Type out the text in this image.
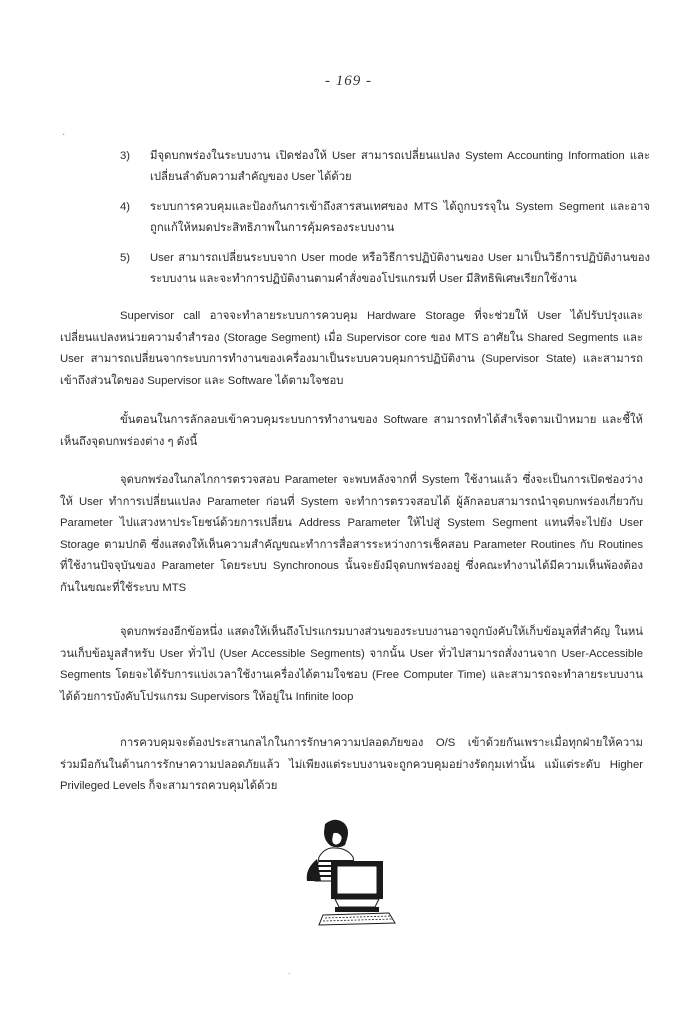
- 169 -
ˏ
3) มีจุดบกพร่องในระบบงาน เปิดช่องให้ User สามารถเปลี่ยนแปลง System Accounting Information และเปลี่ยนลำดับความสำคัญของ User ได้ด้วย
4) ระบบการควบคุมและป้องกันการเข้าถึงสารสนเทศของ MTS ได้ถูกบรรจุใน System Segment และอาจถูกแก้ให้หมดประสิทธิภาพในการคุ้มครองระบบงาน
5) User สามารถเปลี่ยนระบบจาก User mode หรือวิธีการปฏิบัติงานของ User มาเป็นวิธีการปฏิบัติงานของระบบงาน และจะทำการปฏิบัติงานตามคำสั่งของโปรแกรมที่ User มีสิทธิพิเศษเรียกใช้งาน

Supervisor call อาจจะทำลายระบบการควบคุม Hardware Storage ที่จะช่วยให้ User ได้ปรับปรุงและเปลี่ยนแปลงหน่วยความจำสำรอง (Storage Segment) เมื่อ Supervisor core ของ MTS อาศัยใน Shared Segments และ User สามารถเปลี่ยนจากระบบการทำงานของเครื่องมาเป็นระบบควบคุมการปฏิบัติงาน (Supervisor State) และสามารถเข้าถึงส่วนใดของ Supervisor และ Software ได้ตามใจชอบ

ขั้นตอนในการลักลอบเข้าควบคุมระบบการทำงานของ Software สามารถทำได้สำเร็จตามเป้าหมาย และชี้ให้เห็นถึงจุดบกพร่องต่าง ๆ ดังนี้

จุดบกพร่องในกลไกการตรวจสอบ Parameter จะพบหลังจากที่ System ใช้งานแล้ว ซึ่งจะเป็นการเปิดช่องว่างให้ User ทำการเปลี่ยนแปลง Parameter ก่อนที่ System จะทำการตรวจสอบได้ ผู้ลักลอบสามารถนำจุดบกพร่องเกี่ยวกับ Parameter ไปแสวงหาประโยชน์ด้วยการเปลี่ยน Address Parameter ให้ไปสู่ System Segment แทนที่จะไปยัง User Storage ตามปกติ ซึ่งแสดงให้เห็นความสำคัญขณะทำการสื่อสารระหว่างการเช็คสอบ Parameter Routines กับ Routines ที่ใช้งานปัจจุบันของ Parameter โดยระบบ Synchronous นั้นจะยังมีจุดบกพร่องอยู่ ซึ่งคณะทำงานได้มีความเห็นพ้องต้องกันในขณะที่ใช้ระบบ MTS

จุดบกพร่องอีกข้อหนึ่ง แสดงให้เห็นถึงโปรแกรมบางส่วนของระบบงานอาจถูกบังคับให้เก็บข้อมูลที่สำคัญ ในหน่วนเก็บข้อมูลสำหรับ User ทั่วไป (User Accessible Segments) จากนั้น User ทั่วไปสามารถสั่งงานจาก User-Accessible Segments โดยจะได้รับการแบ่งเวลาใช้งานเครื่องได้ตามใจชอบ (Free Computer Time) และสามารถจะทำลายระบบงานได้ด้วยการบังคับโปรแกรม Supervisors ให้อยู่ใน Infinite loop

การควบคุมจะต้องประสานกลไกในการรักษาความปลอดภัยของ O/S เข้าด้วยกันเพราะเมื่อทุกฝ่ายให้ความร่วมมือกันในด้านการรักษาความปลอดภัยแล้ว ไม่เพียงแต่ระบบงานจะถูกควบคุมอย่างรัดกุมเท่านั้น แม้แต่ระดับ Higher Privileged Levels ก็จะสามารถควบคุมได้ด้วย

˙
